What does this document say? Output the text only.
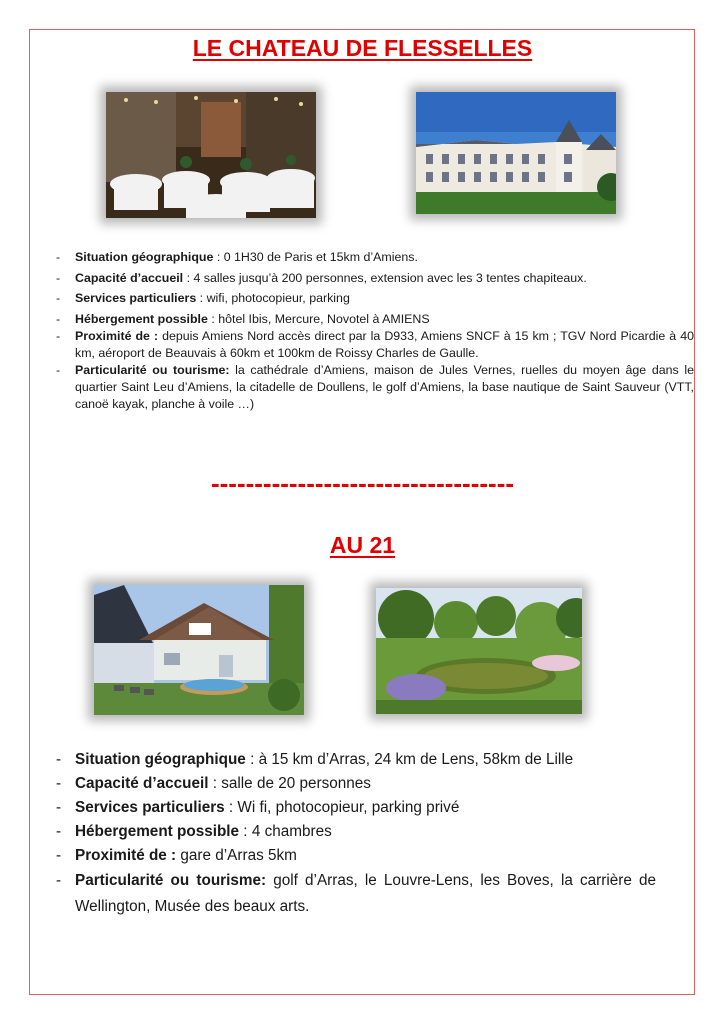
LE CHATEAU DE FLESSELLES
- Situation géographique : 0 1H30 de Paris et 15km d’Amiens.
- Capacité d’accueil : 4 salles jusqu’à 200 personnes, extension avec les 3 tentes chapiteaux.
- Services particuliers : wifi, photocopieur, parking
- Hébergement possible : hôtel Ibis, Mercure, Novotel à AMIENS
- Proximité de : depuis Amiens Nord accès direct par la D933, Amiens SNCF à 15 km ; TGV Nord Picardie à 40 km, aéroport de Beauvais à 60km et 100km de Roissy Charles de Gaulle.
- Particularité ou tourisme: la cathédrale d’Amiens, maison de Jules Vernes, ruelles du moyen âge dans le quartier Saint Leu d’Amiens, la citadelle de Doullens, le golf d’Amiens, la base nautique de Saint Sauveur (VTT, canoë kayak, planche à voile …)
-----------------------------------
AU 21
- Situation géographique : à 15 km d’Arras, 24 km de Lens, 58km de Lille
- Capacité d’accueil : salle de 20 personnes
- Services particuliers : Wi fi, photocopieur, parking privé
- Hébergement possible : 4 chambres
- Proximité de : gare d’Arras 5km
- Particularité ou tourisme: golf d’Arras, le Louvre-Lens, les Boves, la carrière de Wellington, Musée des beaux arts.
